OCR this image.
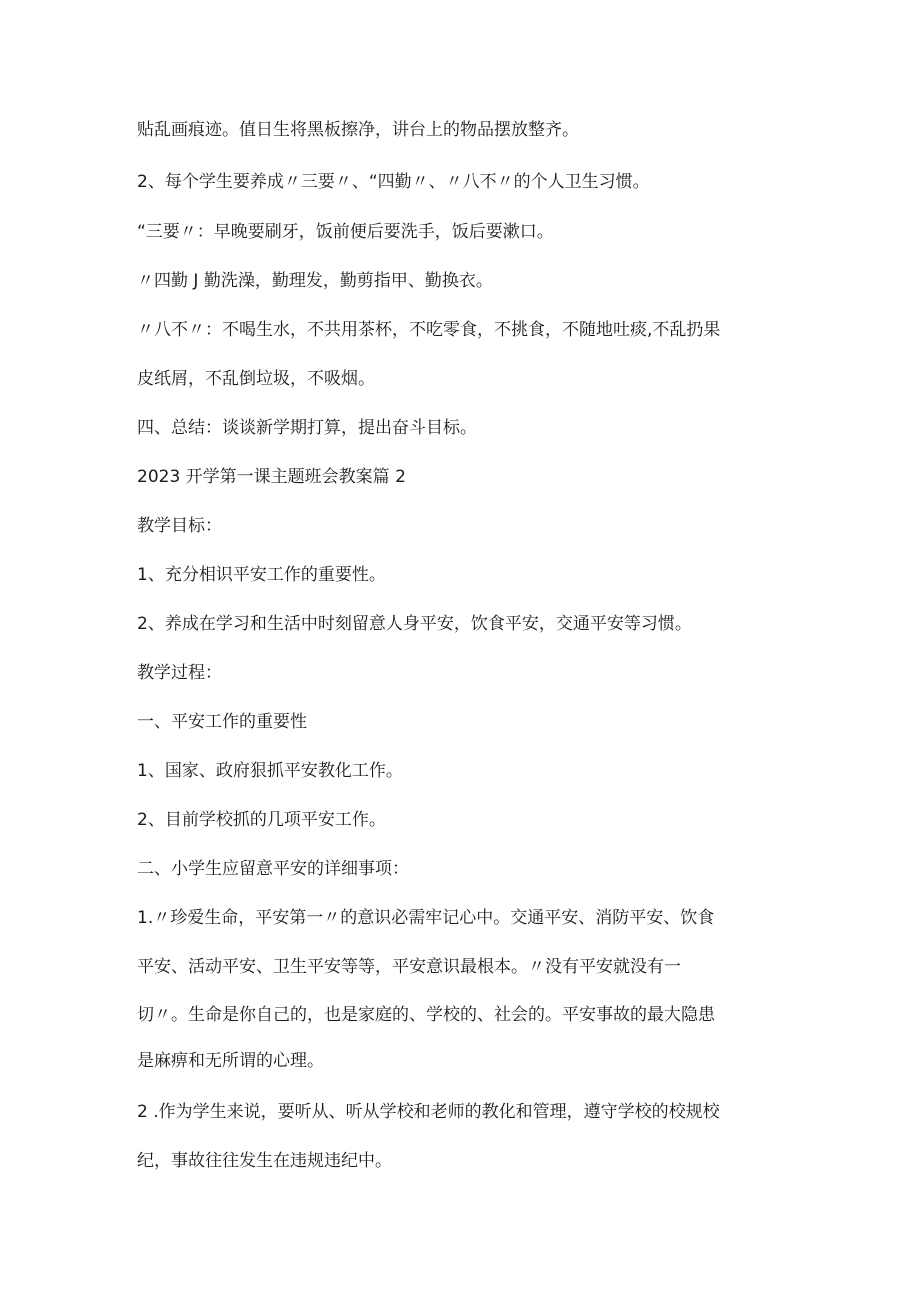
贴乱画痕迹。值日生将黑板擦净，讲台上的物品摆放整齐。
2、每个学生要养成〃三要〃、“四勤〃、〃八不〃的个人卫生习惯。
“三要〃：早晚要刷牙，饭前便后要洗手，饭后要漱口。
〃四勤 J 勤洗澡，勤理发，勤剪指甲、勤换衣。
〃八不〃：不喝生水，不共用茶杯，不吃零食，不挑食，不随地吐痰,不乱扔果
皮纸屑，不乱倒垃圾，不吸烟。
四、总结：谈谈新学期打算，提出奋斗目标。
2023 开学第一课主题班会教案篇 2
教学目标：
1、充分相识平安工作的重要性。
2、养成在学习和生活中时刻留意人身平安，饮食平安，交通平安等习惯。
教学过程：
一、平安工作的重要性
1、国家、政府狠抓平安教化工作。
2、目前学校抓的几项平安工作。
二、小学生应留意平安的详细事项：
1.〃珍爱生命，平安第一〃的意识必需牢记心中。交通平安、消防平安、饮食
平安、活动平安、卫生平安等等，平安意识最根本。〃没有平安就没有一
切〃。生命是你自己的，也是家庭的、学校的、社会的。平安事故的最大隐患
是麻痹和无所谓的心理。
2 .作为学生来说，要听从、听从学校和老师的教化和管理，遵守学校的校规校
纪，事故往往发生在违规违纪中。
